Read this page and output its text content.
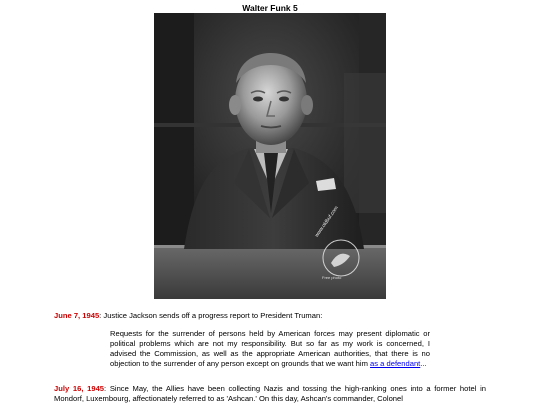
Walter Funk 5
www.oldbuf.com
Free photo
June 7, 1945: Justice Jackson sends off a progress report to President Truman:
Requests for the surrender of persons held by American forces may present diplomatic or political problems which are not my responsibility. But so far as my work is concerned, I advised the Commission, as well as the appropriate American authorities, that there is no objection to the surrender of any person except on grounds that we want him as a defendant...
July 16, 1945: Since May, the Allies have been collecting Nazis and tossing the high-ranking ones into a former hotel in Mondorf, Luxembourg, affectionately referred to as 'Ashcan.' On this day, Ashcan's commander, Colonel
